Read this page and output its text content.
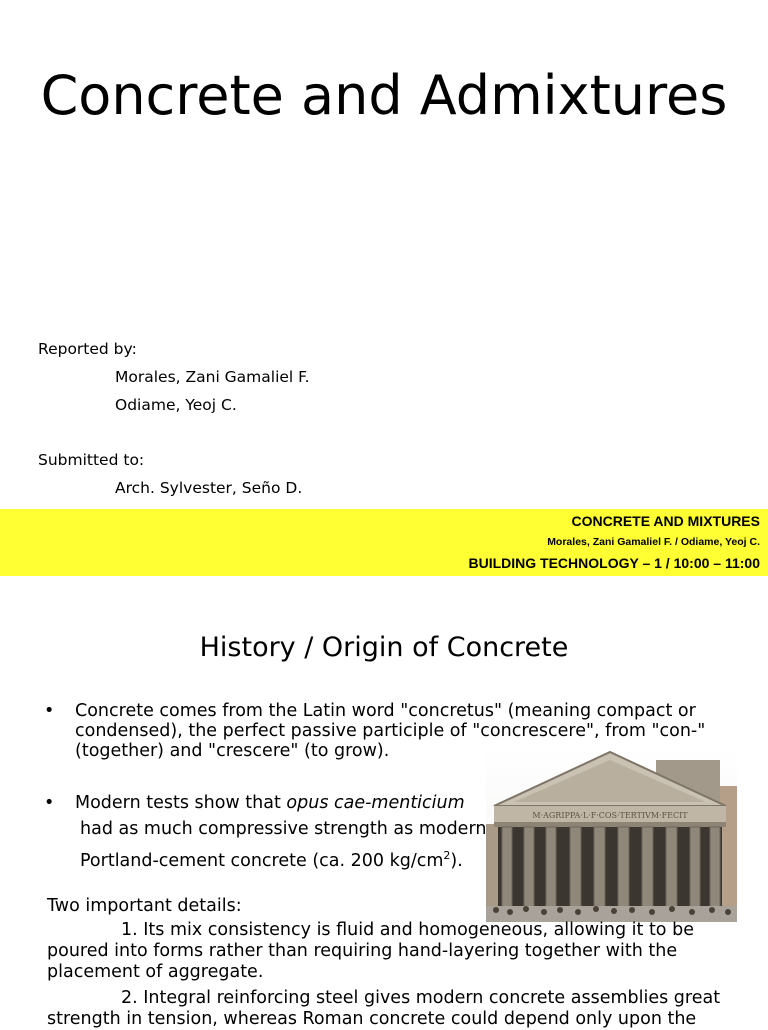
Concrete and Admixtures
Reported by:
Morales, Zani Gamaliel F.
Odiame, Yeoj C.
Submitted to:
Arch. Sylvester, Seño D.
CONCRETE AND MIXTURES
Morales, Zani Gamaliel F. / Odiame, Yeoj C.
BUILDING TECHNOLOGY – 1 / 10:00 – 11:00
History / Origin of Concrete
• Concrete comes from the Latin word "concretus" (meaning compact or
condensed), the perfect passive participle of "concrescere", from "con-"
(together) and "crescere" (to grow).
• Modern tests show that opus cae-menticium
had as much compressive strength as modern
Portland-cement concrete (ca. 200 $kg/cm^2$).
M·AGRIPPA·L·F·COS·TERTIVM·FECIT
Two important details:
1. Its mix consistency is fluid and homogeneous, allowing it to be
poured into forms rather than requiring hand-layering together with the
placement of aggregate.
2. Integral reinforcing steel gives modern concrete assemblies great
strength in tension, whereas Roman concrete could depend only upon the
